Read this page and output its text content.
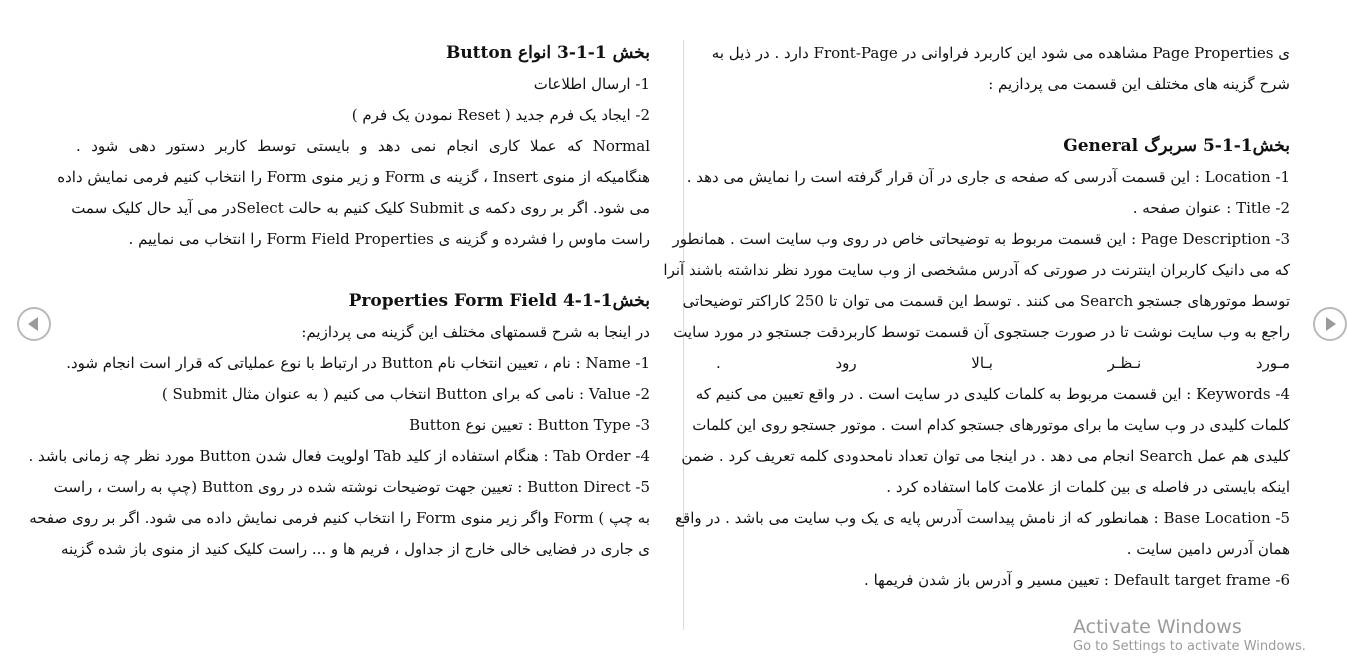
بخش 1-1-3 انواع Button
1- ارسال اطلاعات
2- ایجاد یک فرم جدید ( Reset نمودن یک فرم )
Normal که عملا کاری انجام نمی دهد و بایستی توسط کاربر دستور دهی شود .
هنگامیکه از منوی Insert ، گزینه ی Form و زیر منوی Form را انتخاب کنیم فرمی نمایش داده
می شود. اگر بر روی دکمه ی Submit کلیک کنیم به حالت Selectدر می آید حال کلیک سمت
راست ماوس را فشرده و گزینه ی Form Field Properties را انتخاب می نماییم .
بخش1-1-4 Properties Form Field
در اینجا به شرح قسمتهای مختلف این گزینه می پردازیم:
1- Name : نام ، تعیین انتخاب نام Button در ارتباط با نوع عملیاتی که قرار است انجام شود.
2- Value : نامی که برای Button انتخاب می کنیم ( به عنوان مثال Submit )
3- Button Type : تعیین نوع Button
4- Tab Order : هنگام استفاده از کلید Tab اولویت فعال شدن Button مورد نظر چه زمانی باشد .
5- Button Direct : تعیین جهت توضیحات نوشته شده در روی Button (چپ به راست ، راست
به چپ ) Form واگر زیر منوی Form را انتخاب کنیم فرمی نمایش داده می شود. اگر بر روی صفحه
ی جاری در فضایی خالی خارج از جداول ، فریم ها و ... راست کلیک کنید از منوی باز شده گزینه
ی Page Properties مشاهده می شود این کاربرد فراوانی در Front-Page دارد . در ذیل به
شرح گزینه های مختلف این قسمت می پردازیم :
بخش1-1-5 سربرگ General
1- Location : این قسمت آدرسی که صفحه ی جاری در آن قرار گرفته است را نمایش می دهد .
2- Title : عنوان صفحه .
3- Page Description : این قسمت مربوط به توضیحاتی خاص در روی وب سایت است . همانطور
که می دانیک کاربران اینترنت در صورتی که آدرس مشخصی از وب سایت مورد نظر نداشته باشند آنرا
توسط موتورهای جستجو Search می کنند . توسط این قسمت می توان تا 250 کاراکتر توضیحاتی
راجع به وب سایت نوشت تا در صورت جستجوی آن قسمت توسط کاربرد‌قت جستجو در مورد سایت
مـورد نـظـر بـالا رود .
4- Keywords : این قسمت مربوط به کلمات کلیدی در سایت است . در واقع تعیین می کنیم که
کلمات کلیدی در وب سایت ما برای موتورهای جستجو کدام است . موتور جستجو روی این کلمات
کلیدی هم عمل Search انجام می دهد . در اینجا می توان تعداد نامحدودی کلمه تعریف کرد . ضمن
اینکه بایستی در فاصله ی بین کلمات از علامت کاما استفاده کرد .
5- Base Location : همانطور که از نامش پیداست آدرس پایه ی یک وب سایت می باشد . در واقع
همان آدرس دامین سایت .
6- Default target frame : تعیین مسیر و آدرس باز شدن فریمها .
Activate Windows
Go to Settings to activate Windows.
